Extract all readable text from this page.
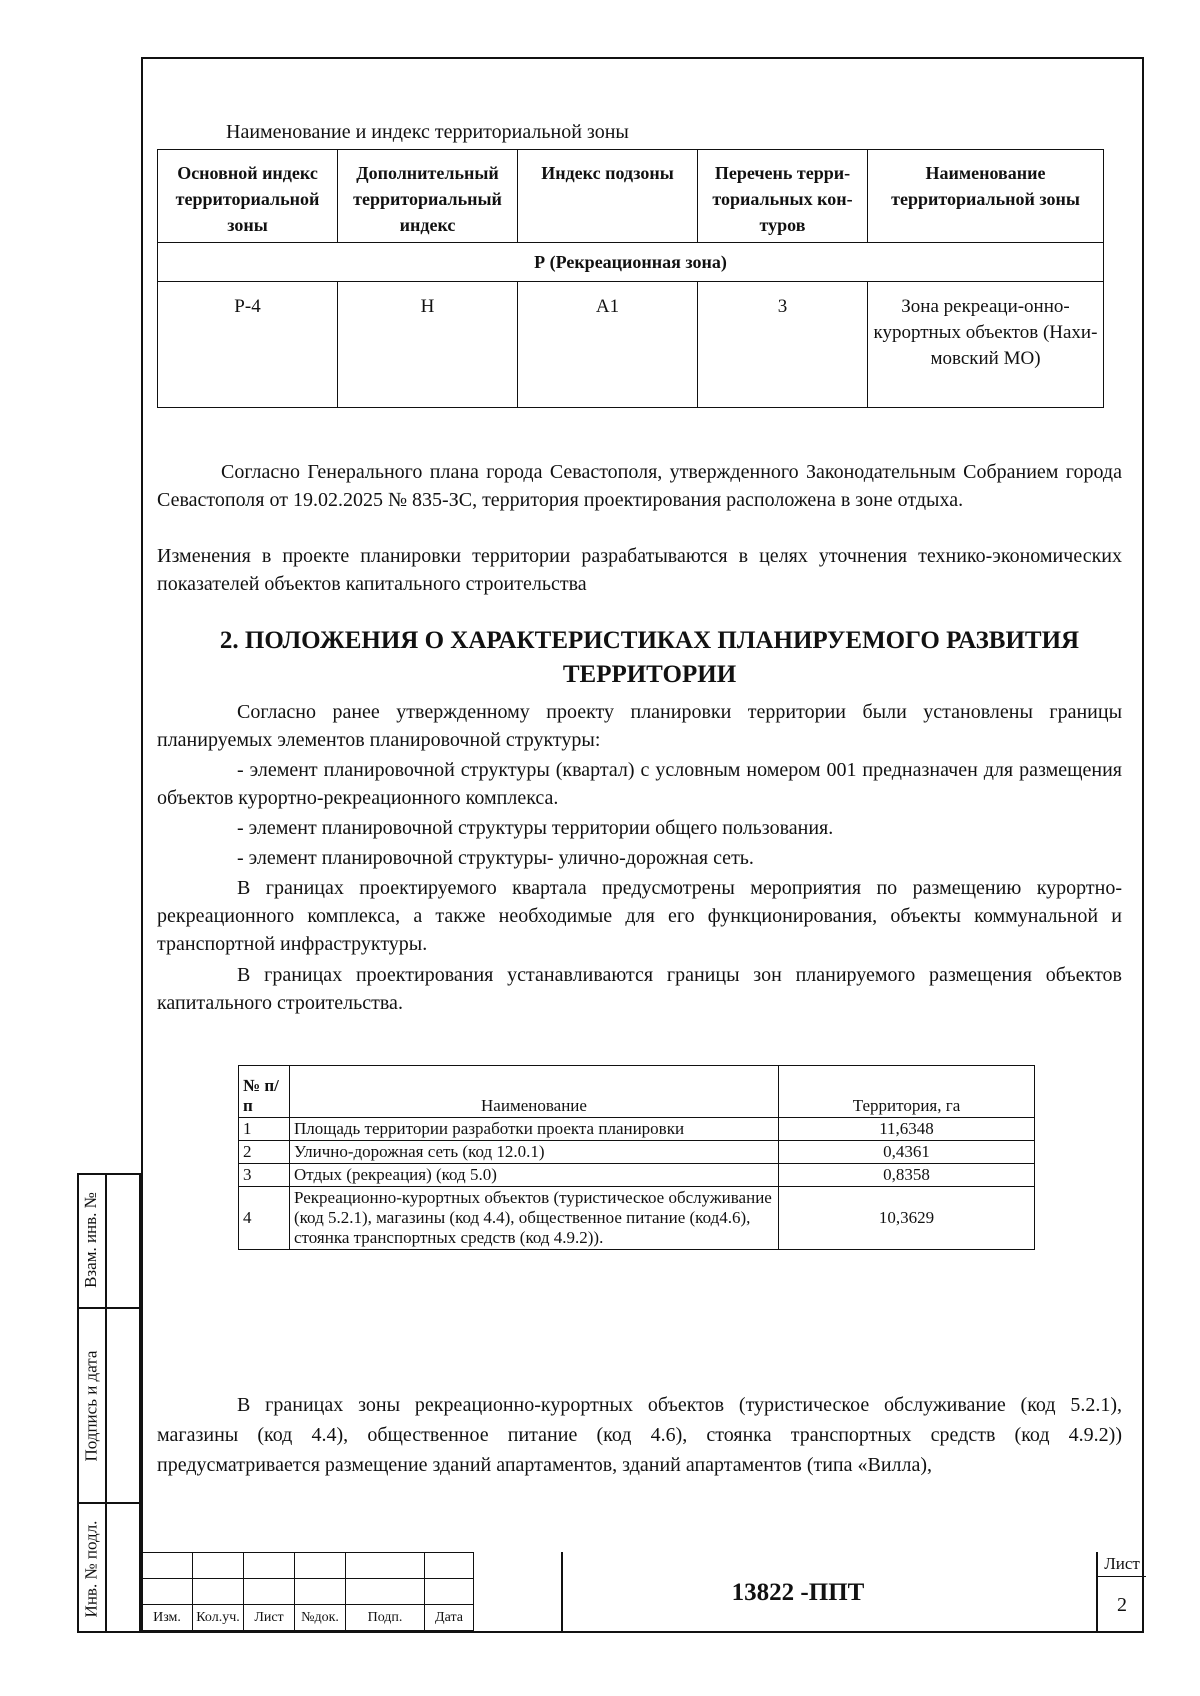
Наименование и индекс территориальной зоны
Основной индекс территориальной зоны	Дополнительный территориальный индекс	Индекс подзоны	Перечень терри-ториальных кон-туров	Наименование территориальной зоны
Р (Рекреационная зона)				
Р-4	Н	А1	3	Зона рекреаци-онно-курортных объектов (Нахи-мовский МО)
Согласно Генерального плана города Севастополя, утвержденного Законодательным Собранием города Севастополя от 19.02.2025 № 835-ЗС, территория проектирования расположена в зоне отдыха.
Изменения в проекте планировки территории разрабатываются в целях уточнения технико-экономических показателей объектов капитального строительства
2. ПОЛОЖЕНИЯ О ХАРАКТЕРИСТИКАХ ПЛАНИРУЕМОГО РАЗВИТИЯ ТЕРРИТОРИИ
Согласно ранее утвержденному проекту планировки территории были установлены границы планируемых элементов планировочной структуры:
- элемент планировочной структуры (квартал) с условным номером 001 предназначен для размещения объектов курортно-рекреационного комплекса.
- элемент планировочной структуры территории общего пользования.
- элемент планировочной структуры- улично-дорожная сеть.
В границах проектируемого квартала предусмотрены мероприятия по размещению курортно-рекреационного комплекса, а также необходимые для его функционирования, объекты коммунальной и транспортной инфраструктуры.
В границах проектирования устанавливаются границы зон планируемого размещения объектов капитального строительства.
№ п/п	Наименованиe	Территория, га
1	Площадь территории разработки проекта планировки	11,6348
2	Улично-дорожная сеть (код 12.0.1)	0,4361
3	Отдых (рекреация) (код 5.0)	0,8358
4	Рекреационно-курортных объектов (туристическое обслуживание (код 5.2.1), магазины (код 4.4), общественное питание (код4.6), стоянка транспортных средств (код 4.9.2)).	10,3629
В границах зоны рекреационно-курортных объектов (туристическое обслуживание (код 5.2.1), магазины (код 4.4), общественное питание (код 4.6), стоянка транспортных средств (код 4.9.2)) предусматривается размещение зданий апартаментов, зданий апартаментов (типа «Вилла),
Взам. инв. №
Подпись и дата
Инв. № подл.

Изм.	Кол.уч.	Лист	№док.	Подп.	Дата
13822 -ППТ
Лист
2
